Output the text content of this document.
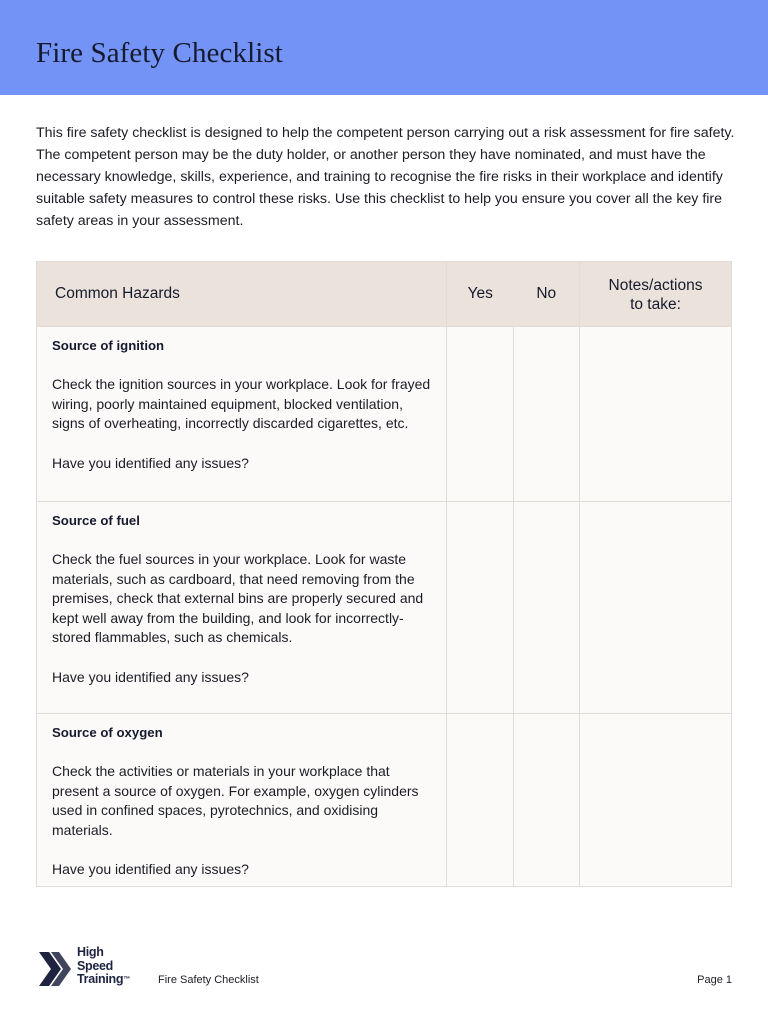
Fire Safety Checklist

This fire safety checklist is designed to help the competent person carrying out a risk assessment for fire safety. The competent person may be the duty holder, or another person they have nominated, and must have the necessary knowledge, skills, experience, and training to recognise the fire risks in their workplace and identify suitable safety measures to control these risks. Use this checklist to help you ensure you cover all the key fire safety areas in your assessment.

Common Hazards	Yes	No	Notes/actions
to take:

Source of ignition
Check the ignition sources in your workplace. Look for frayed wiring, poorly maintained equipment, blocked ventilation, signs of overheating, incorrectly discarded cigarettes, etc.
Have you identified any issues?			

Source of fuel
Check the fuel sources in your workplace. Look for waste materials, such as cardboard, that need removing from the premises, check that external bins are properly secured and kept well away from the building, and look for incorrectly-stored flammables, such as chemicals.
Have you identified any issues?			

Source of oxygen
Check the activities or materials in your workplace that present a source of oxygen. For example, oxygen cylinders used in confined spaces, pyrotechnics, and oxidising materials.
Have you identified any issues?			

High
Speed
Training™	Fire Safety Checklist	Page 1
